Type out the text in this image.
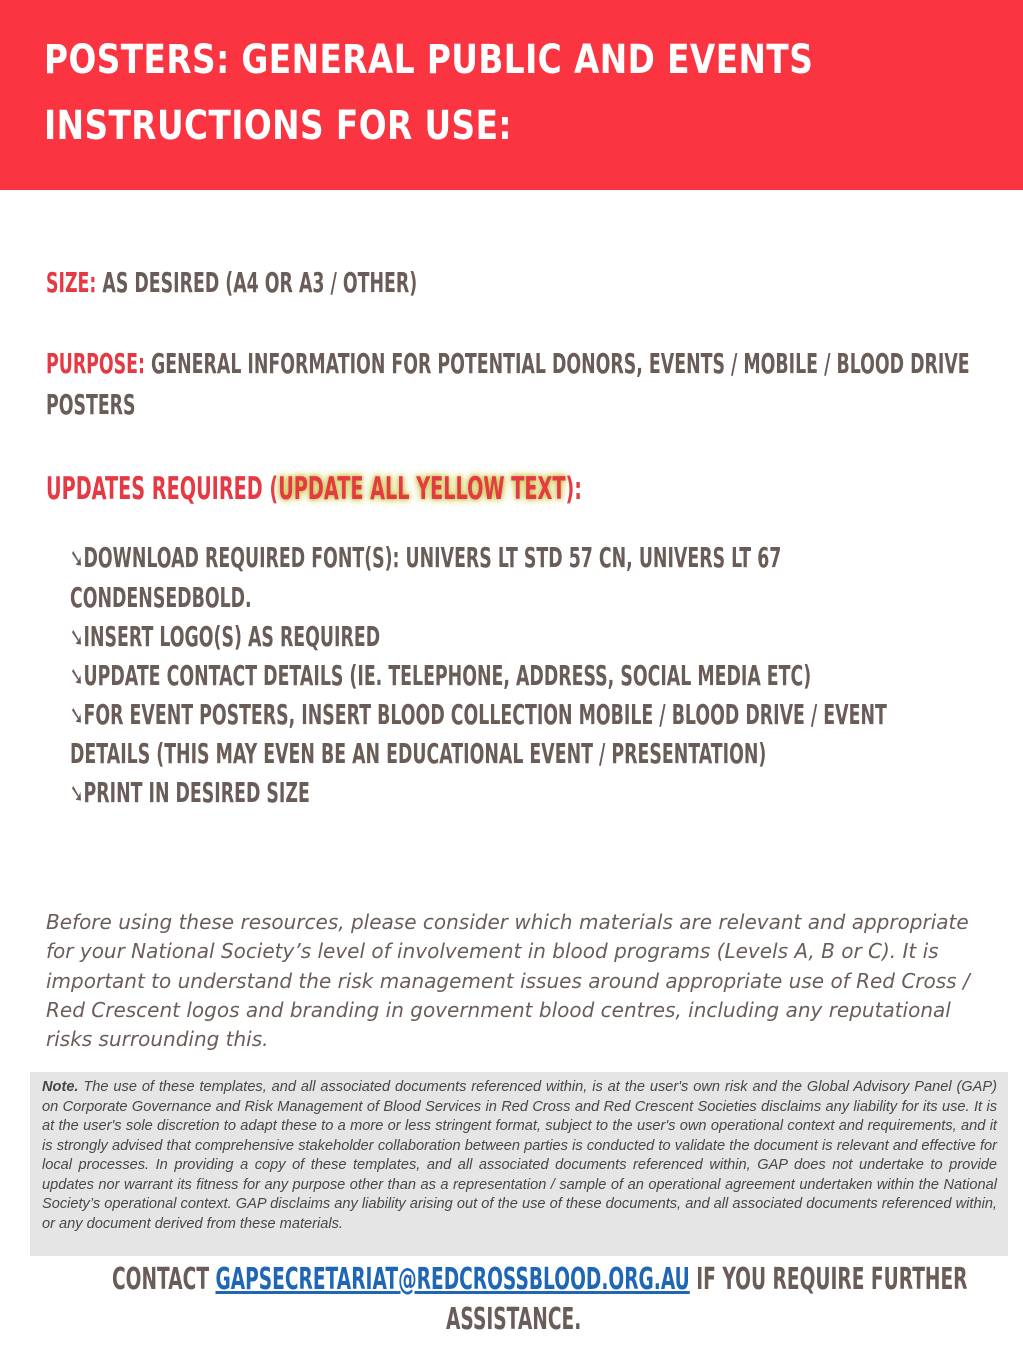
POSTERS: GENERAL PUBLIC AND EVENTS
INSTRUCTIONS FOR USE:

SIZE: AS DESIRED (A4 OR A3 / OTHER)

PURPOSE: GENERAL INFORMATION FOR POTENTIAL DONORS, EVENTS / MOBILE / BLOOD DRIVE

POSTERS

UPDATES REQUIRED (UPDATE ALL YELLOW TEXT):

➘DOWNLOAD REQUIRED FONT(S): UNIVERS LT STD 57 CN, UNIVERS LT 67

CONDENSEDBOLD.

➘INSERT LOGO(S) AS REQUIRED

➘UPDATE CONTACT DETAILS (IE. TELEPHONE, ADDRESS, SOCIAL MEDIA ETC)

➘FOR EVENT POSTERS, INSERT BLOOD COLLECTION MOBILE / BLOOD DRIVE / EVENT

DETAILS (THIS MAY EVEN BE AN EDUCATIONAL EVENT / PRESENTATION)

➘PRINT IN DESIRED SIZE

Before using these resources, please consider which materials are relevant and appropriate for your National Society’s level of involvement in blood programs (Levels A, B or C). It is important to understand the risk management issues around appropriate use of Red Cross / Red Crescent logos and branding in government blood centres, including any reputational risks surrounding this.

Note. The use of these templates, and all associated documents referenced within, is at the user's own risk and the Global Advisory Panel (GAP) on Corporate Governance and Risk Management of Blood Services in Red Cross and Red Crescent Societies disclaims any liability for its use. It is at the user's sole discretion to adapt these to a more or less stringent format, subject to the user's own operational context and requirements, and it is strongly advised that comprehensive stakeholder collaboration between parties is conducted to validate the document is relevant and effective for local processes. In providing a copy of these templates, and all associated documents referenced within, GAP does not undertake to provide updates nor warrant its fitness for any purpose other than as a representation / sample of an operational agreement undertaken within the National Society’s operational context. GAP disclaims any liability arising out of the use of these documents, and all associated documents referenced within, or any document derived from these materials.

CONTACT GAPSECRETARIAT@REDCROSSBLOOD.ORG.AU IF YOU REQUIRE FURTHER

ASSISTANCE.
